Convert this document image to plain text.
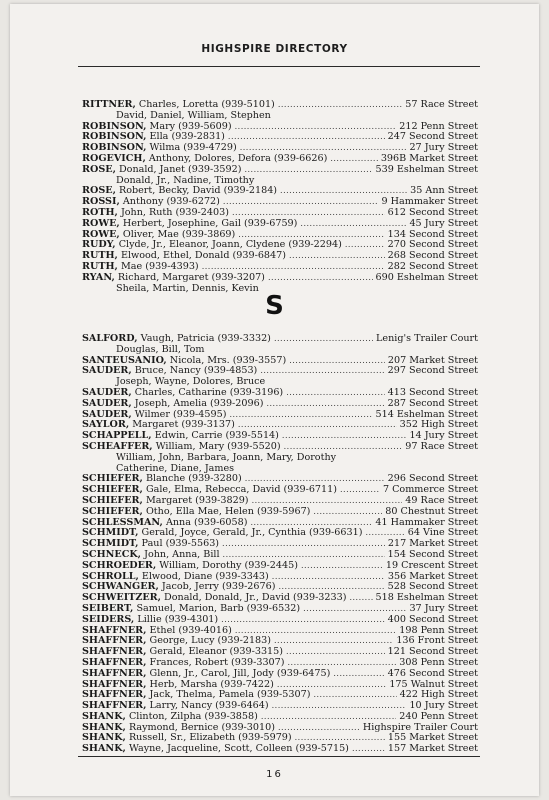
HIGHSPIRE DIRECTORY
RITTNER, Charles, Loretta (939-5101) .....	57 Race Street
David, Daniel, William, Stephen
ROBINSON, Mary (939-5609) .....	212 Penn Street
ROBINSON, Ella (939-2831) .....	247 Second Street
ROBINSON, Wilma (939-4729) .....	27 Jury Street
ROGEVICH, Anthony, Dolores, Defora (939-6626) .....	396B Market Street
ROSE, Donald, Janet (939-3592) .....	539 Eshelman Street
Donald, Jr., Nadine, Timothy
ROSE, Robert, Becky, David (939-2184) .....	35 Ann Street
ROSSI, Anthony (939-6272) .....	9 Hammaker Street
ROTH, John, Ruth (939-2403) .....	612 Second Street
ROWE, Herbert, Josephine, Gail (939-6759) .....	45 Jury Street
ROWE, Oliver, Mae (939-3869) .....	134 Second Street
RUDY, Clyde, Jr., Eleanor, Joann, Clydene (939-2294) .....	270 Second Street
RUTH, Elwood, Ethel, Donald (939-6847) .....	268 Second Street
RUTH, Mae (939-4393) .....	282 Second Street
RYAN, Richard, Margaret (939-3207) .....	690 Eshelman Street
Sheila, Martin, Dennis, Kevin
S
SALFORD, Vaugh, Patricia (939-3332) .....	Lenig's Trailer Court
Douglas, Bill, Tom
SANTEUSANIO, Nicola, Mrs. (939-3557) .....	207 Market Street
SAUDER, Bruce, Nancy (939-4853) .....	297 Second Street
Joseph, Wayne, Dolores, Bruce
SAUDER, Charles, Catharine (939-3196) .....	413 Second Street
SAUDER, Joseph, Amelia (939-2096) .....	287 Second Street
SAUDER, Wilmer (939-4595) .....	514 Eshelman Street
SAYLOR, Margaret (939-3137) .....	352 High Street
SCHAPPELL, Edwin, Carrie (939-5514) .....	14 Jury Street
SCHEAFFER, William, Mary (939-5520) .....	97 Race Street
William, John, Barbara, Joann, Mary, Dorothy
Catherine, Diane, James
SCHIEFER, Blanche (939-3280) .....	296 Second Street
SCHIEFER, Gale, Elma, Rebecca, David (939-6711) .....	7 Commerce Street
SCHIEFER, Margaret (939-3829) .....	49 Race Street
SCHIEFER, Otho, Ella Mae, Helen (939-5967) .....	80 Chestnut Street
SCHLESSMAN, Anna (939-6058) .....	41 Hammaker Street
SCHMIDT, Gerald, Joyce, Gerald, Jr., Cynthia (939-6631) .....	64 Vine Street
SCHMIDT, Paul (939-5563) .....	217 Market Street
SCHNECK, John, Anna, Bill .....	154 Second Street
SCHROEDER, William, Dorothy (939-2445) .....	19 Crescent Street
SCHROLL, Elwood, Diane (939-3343) .....	356 Market Street
SCHWANGER, Jacob, Jerry (939-2676) .....	528 Second Street
SCHWEITZER, Donald, Donald, Jr., David (939-3233) .....	518 Eshelman Street
SEIBERT, Samuel, Marion, Barb (939-6532) .....	37 Jury Street
SEIDERS, Lillie (939-4301) .....	400 Second Street
SHAFFNER, Ethel (939-4016) .....	198 Penn Street
SHAFFNER, George, Lucy (939-2183) .....	136 Front Street
SHAFFNER, Gerald, Eleanor (939-3315) .....	121 Second Street
SHAFFNER, Frances, Robert (939-3307) .....	308 Penn Street
SHAFFNER, Glenn, Jr., Carol, Jill, Jody (939-6475) .....	476 Second Street
SHAFFNER, Herb, Marsha (939-7422) .....	175 Walnut Street
SHAFFNER, Jack, Thelma, Pamela (939-5307) .....	422 High Street
SHAFFNER, Larry, Nancy (939-6464) .....	10 Jury Street
SHANK, Clinton, Zilpha (939-3858) .....	240 Penn Street
SHANK, Raymond, Bernice (939-3010) .....	Highspire Trailer Court
SHANK, Russell, Sr., Elizabeth (939-5979) .....	155 Market Street
SHANK, Wayne, Jacqueline, Scott, Colleen (939-5715) .....	157 Market Street
16
